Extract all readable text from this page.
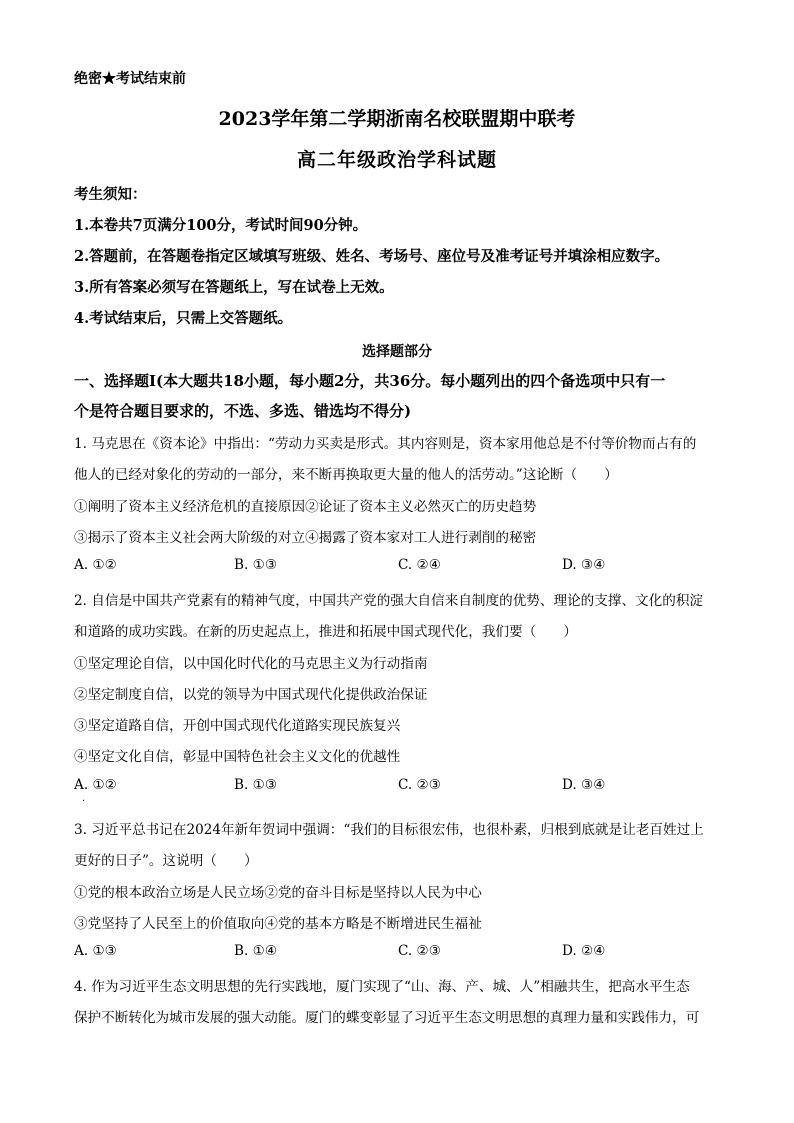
绝密★考试结束前
2023学年第二学期浙南名校联盟期中联考
高二年级政治学科试题
考生须知：
1.本卷共7页满分100分，考试时间90分钟。
2.答题前，在答题卷指定区域填写班级、姓名、考场号、座位号及准考证号并填涂相应数字。
3.所有答案必须写在答题纸上，写在试卷上无效。
4.考试结束后，只需上交答题纸。
选择题部分
一、选择题Ⅰ(本大题共18小题，每小题2分，共36分。每小题列出的四个备选项中只有一
个是符合题目要求的，不选、多选、错选均不得分)
1. 马克思在《资本论》中指出：“劳动力买卖是形式。其内容则是，资本家用他总是不付等价物而占有的
他人的已经对象化的劳动的一部分，来不断再换取更大量的他人的活劳动。”这论断（　　）
①阐明了资本主义经济危机的直接原因②论证了资本主义必然灭亡的历史趋势
③揭示了资本主义社会两大阶级的对立④揭露了资本家对工人进行剥削的秘密
A. ①②	B. ①③	C. ②④	D. ③④
2. 自信是中国共产党素有的精神气度，中国共产党的强大自信来自制度的优势、理论的支撑、文化的积淀
和道路的成功实践。在新的历史起点上，推进和拓展中国式现代化，我们要（　　）
①坚定理论自信，以中国化时代化的马克思主义为行动指南
②坚定制度自信，以党的领导为中国式现代化提供政治保证
③坚定道路自信，开创中国式现代化道路实现民族复兴
④坚定文化自信，彰显中国特色社会主义文化的优越性
A. ①②	B. ①③	C. ②③	D. ③④
·
3. 习近平总书记在2024年新年贺词中强调：“我们的目标很宏伟，也很朴素，归根到底就是让老百姓过上
更好的日子”。这说明（　　）
①党的根本政治立场是人民立场②党的奋斗目标是坚持以人民为中心
③党坚持了人民至上的价值取向④党的基本方略是不断增进民生福祉
A. ①③	B. ①④	C. ②③	D. ②④
4. 作为习近平生态文明思想的先行实践地，厦门实现了“山、海、产、城、人”相融共生，把高水平生态
保护不断转化为城市发展的强大动能。厦门的蝶变彰显了习近平生态文明思想的真理力量和实践伟力，可
